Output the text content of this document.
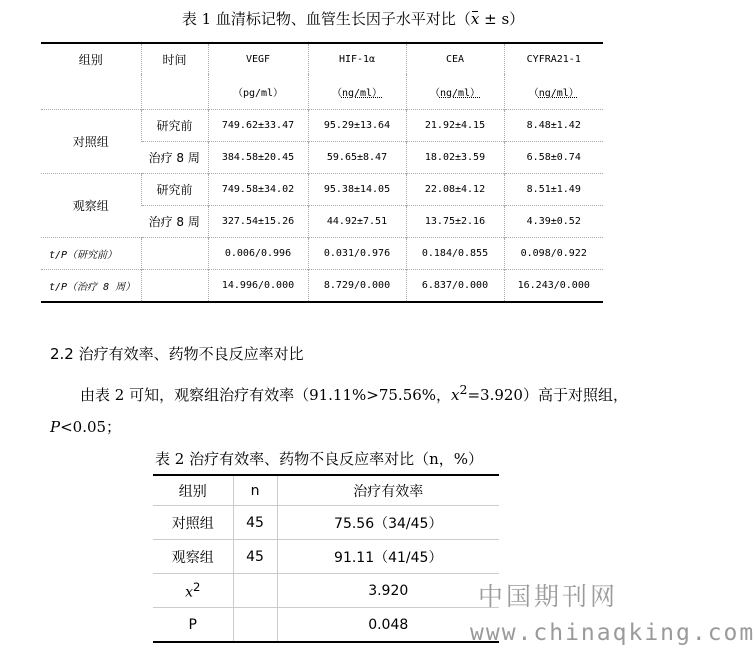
表 1 血清标记物、血管生长因子水平对比（x ± s）
组别	时间	VEGF	HIF-1α	CEA	CYFRA21-1
		（pg/ml）	（ng/ml）	（ng/ml）	（ng/ml）
对照组	研究前	749.62±33.47	95.29±13.64	21.92±4.15	8.48±1.42
	治疗 8 周	384.58±20.45	59.65±8.47	18.02±3.59	6.58±0.74
观察组	研究前	749.58±34.02	95.38±14.05	22.08±4.12	8.51±1.49
	治疗 8 周	327.54±15.26	44.92±7.51	13.75±2.16	4.39±0.52
t/P（研究前）		0.006/0.996	0.031/0.976	0.184/0.855	0.098/0.922
t/P（治疗 8 周）		14.996/0.000	8.729/0.000	6.837/0.000	16.243/0.000
2.2 治疗有效率、药物不良反应率对比
由表 2 可知，观察组治疗有效率（91.11%>75.56%，$x^2=3.920$）高于对照组，
P<0.05；
表 2 治疗有效率、药物不良反应率对比（n，%）
组别	n	治疗有效率
对照组	45	75.56（34/45）
观察组	45	91.11（41/45）
$x^2$		3.920
P		0.048
中国期刊网
www.chinaqking.com
